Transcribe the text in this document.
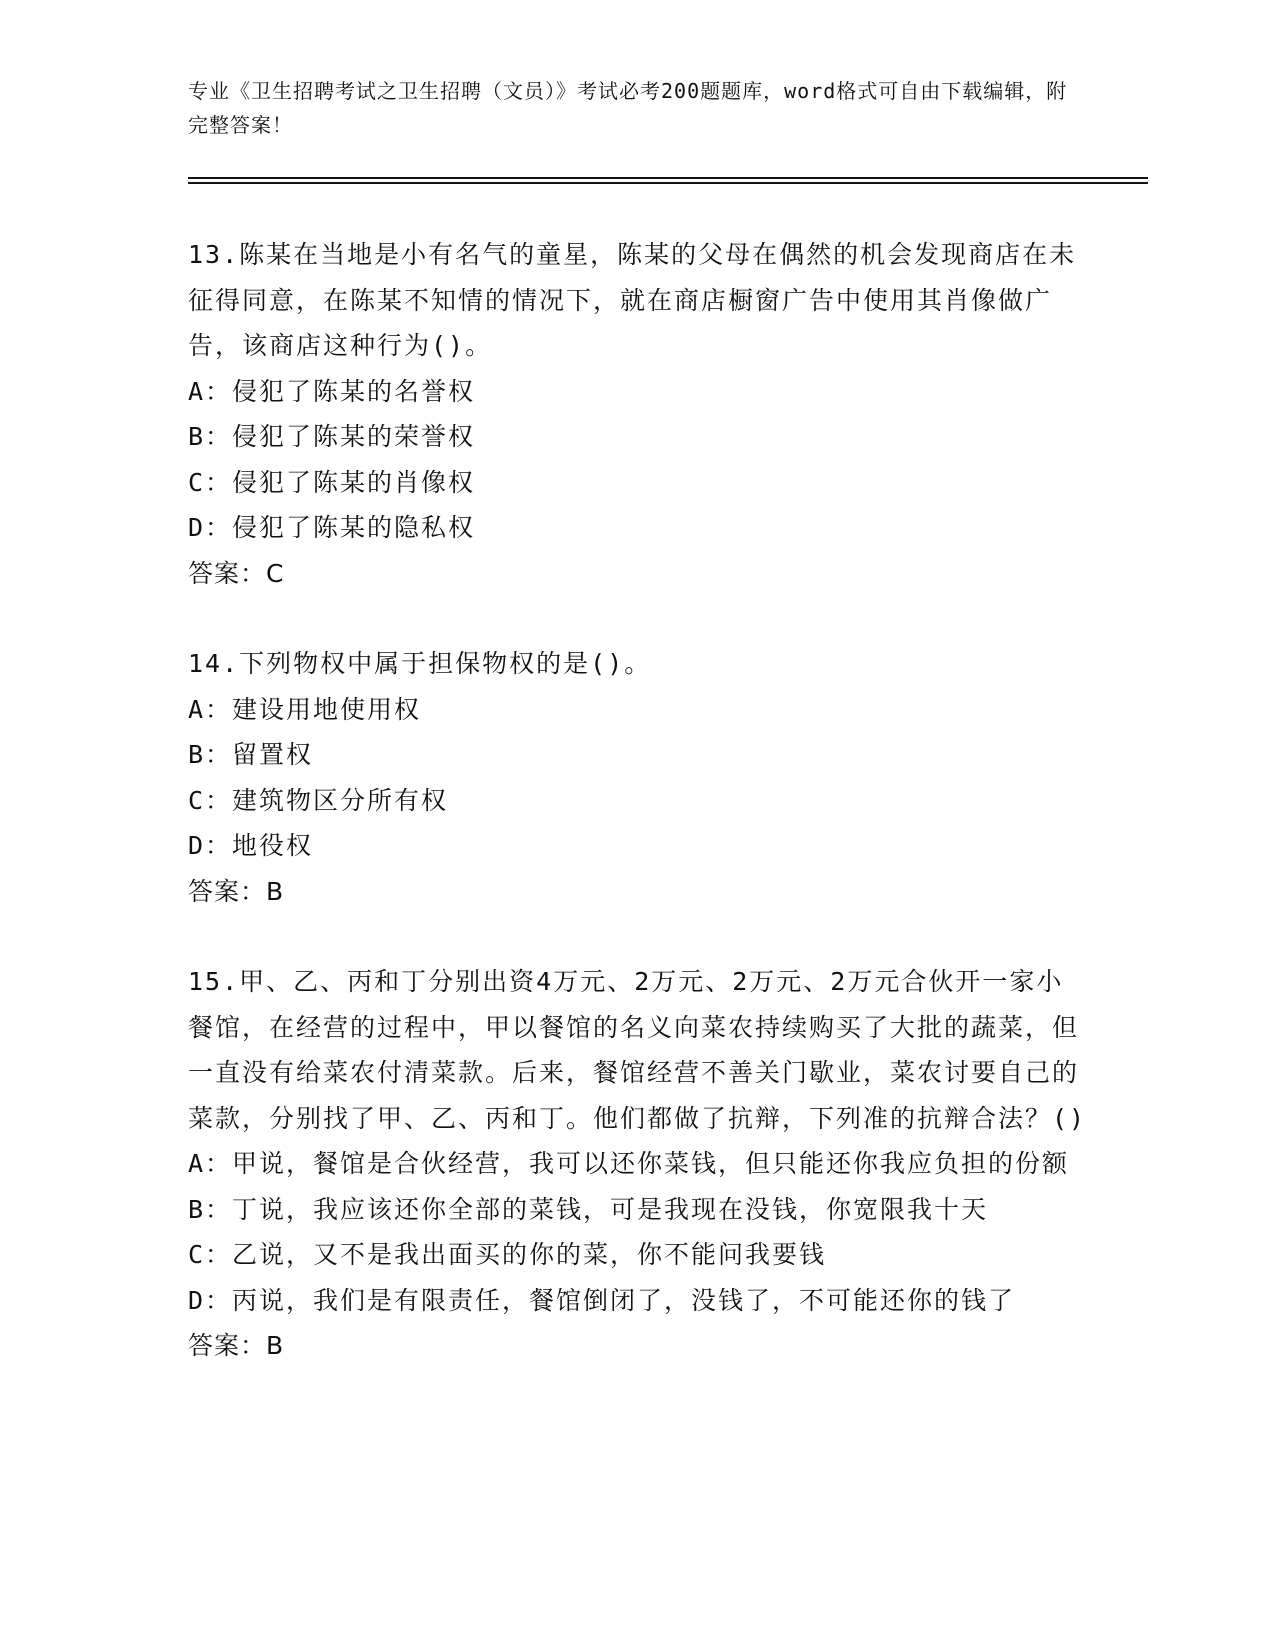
专业《卫生招聘考试之卫生招聘（文员）》考试必考200题题库，word格式可自由下载编辑，附完整答案！

13.陈某在当地是小有名气的童星，陈某的父母在偶然的机会发现商店在未征得同意，在陈某不知情的情况下，就在商店橱窗广告中使用其肖像做广告，该商店这种行为()。

A：侵犯了陈某的名誉权

B：侵犯了陈某的荣誉权

C：侵犯了陈某的肖像权

D：侵犯了陈某的隐私权

答案：C

14.下列物权中属于担保物权的是()。

A：建设用地使用权

B：留置权

C：建筑物区分所有权

D：地役权

答案：B

15.甲、乙、丙和丁分别出资4万元、2万元、2万元、2万元合伙开一家小餐馆，在经营的过程中，甲以餐馆的名义向菜农持续购买了大批的蔬菜，但一直没有给菜农付清菜款。后来，餐馆经营不善关门歇业，菜农讨要自己的菜款，分别找了甲、乙、丙和丁。他们都做了抗辩，下列准的抗辩合法？()

A：甲说，餐馆是合伙经营，我可以还你菜钱，但只能还你我应负担的份额

B：丁说，我应该还你全部的菜钱，可是我现在没钱，你宽限我十天

C：乙说，又不是我出面买的你的菜，你不能问我要钱

D：丙说，我们是有限责任，餐馆倒闭了，没钱了，不可能还你的钱了

答案：B
